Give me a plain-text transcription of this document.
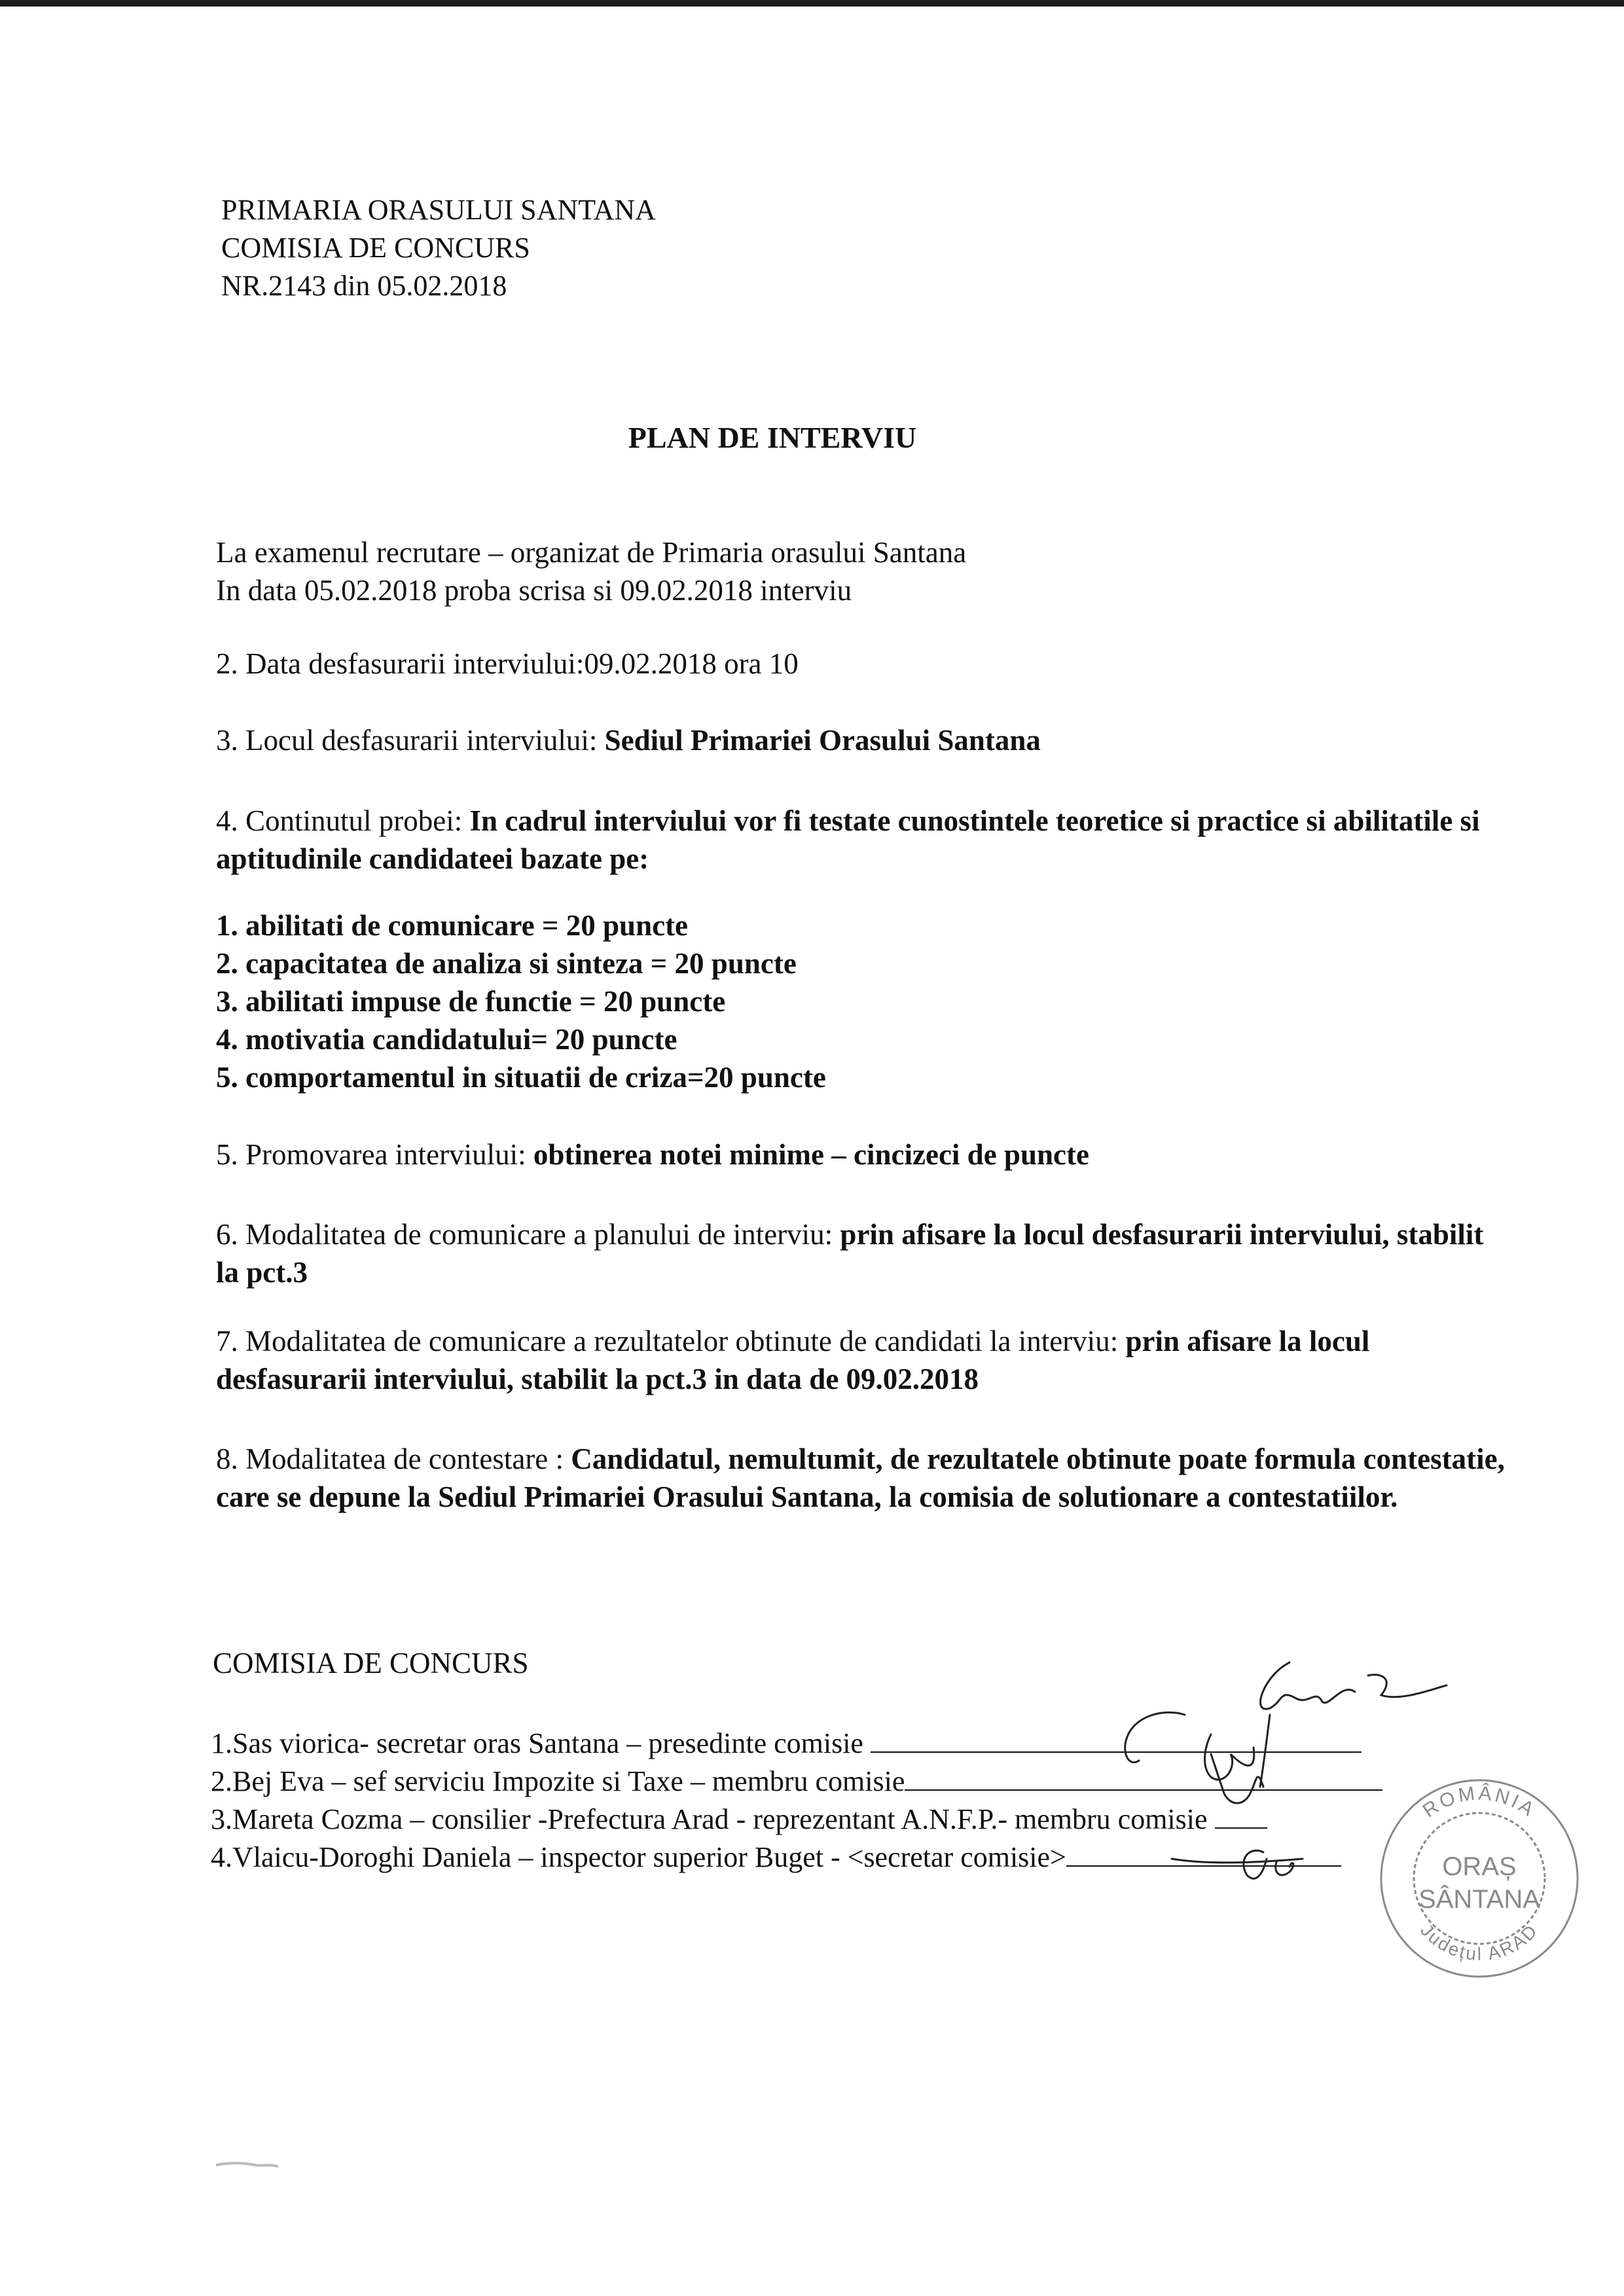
PRIMARIA ORASULUI SANTANA
COMISIA DE CONCURS
NR.2143 din 05.02.2018
PLAN DE INTERVIU
La examenul recrutare – organizat de Primaria orasului Santana
In data 05.02.2018 proba scrisa si 09.02.2018 interviu
2. Data desfasurarii interviului:09.02.2018 ora 10
3. Locul desfasurarii interviului: Sediul Primariei Orasului Santana
4. Continutul probei: In cadrul interviului vor fi testate cunostintele teoretice si practice si abilitatile si aptitudinile candidateei bazate pe:
1. abilitati de comunicare = 20 puncte
2. capacitatea de analiza si sinteza = 20 puncte
3. abilitati impuse de functie = 20 puncte
4. motivatia candidatului= 20 puncte
5. comportamentul in situatii de criza=20 puncte
5. Promovarea interviului: obtinerea notei minime – cincizeci de puncte
6. Modalitatea de comunicare a planului de interviu: prin afisare la locul desfasurarii interviului, stabilit la pct.3
7. Modalitatea de comunicare a rezultatelor obtinute de candidati la interviu: prin afisare la locul desfasurarii interviului, stabilit la pct.3 in data de 09.02.2018
8. Modalitatea de contestare : Candidatul, nemultumit, de rezultatele obtinute poate formula contestatie, care se depune la Sediul Primariei Orasului Santana, la comisia de solutionare a contestatiilor.
COMISIA DE CONCURS
1.Sas viorica- secretar oras Santana – presedinte comisie
2.Bej Eva – sef serviciu Impozite si Taxe – membru comisie
3.Mareta Cozma – consilier -Prefectura Arad - reprezentant A.N.F.P.- membru comisie
4.Vlaicu-Doroghi Daniela – inspector superior Buget - <secretar comisie>
ROMÂNIA
ORAȘ
SÂNTANA
Județul ARAD
